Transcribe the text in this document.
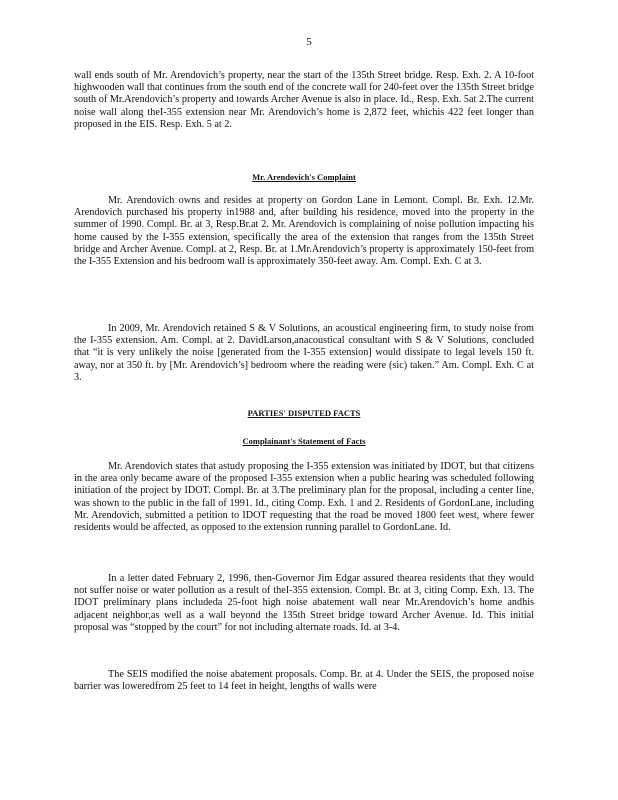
5

wall ends south of Mr. Arendovich’s property, near the start of the 135th Street bridge. Resp. Exh. 2. A 10-foot highwooden wall that continues from the south end of the concrete wall for 240-feet over the 135th Street bridge south of Mr.Arendovich’s property and towards Archer Avenue is also in place. Id., Resp. Exh. 5at 2.The current noise wall along theI-355 extension near Mr. Arendovich’s home is 2,872 feet, whichis 422 feet longer than proposed in the EIS. Resp. Exh. 5 at 2.

Mr. Arendovich's Complaint

Mr. Arendovich owns and resides at property on Gordon Lane in Lemont. Compl. Br. Exh. 12.Mr. Arendovich purchased his property in1988 and, after building his residence, moved into the property in the summer of 1990. Compl. Br. at 3, Resp.Br.at 2. Mr. Arendovich is complaining of noise pollution impacting his home caused by the I-355 extension, specifically the area of the extension that ranges from the 135th Street bridge and Archer Avenue. Compl. at 2, Resp. Br. at 1.Mr.Arendovich’s property is approximately 150-feet from the I-355 Extension and his bedroom wall is approximately 350-feet away. Am. Compl. Exh. C at 3.

In 2009, Mr. Arendovich retained S & V Solutions, an acoustical engineering firm, to study noise from the I-355 extension. Am. Compl. at 2. DavidLarson,anacoustical consultant with S & V Solutions, concluded that “it is very unlikely the noise [generated from the I-355 extension] would dissipate to legal levels 150 ft. away, nor at 350 ft. by [Mr. Arendovich’s] bedroom where the reading were (sic) taken.” Am. Compl. Exh. C at 3.

PARTIES' DISPUTED FACTS
Complainant's Statement of Facts

Mr. Arendovich states that astudy proposing the I-355 extension was initiated by IDOT, but that citizens in the area only became aware of the proposed I-355 extension when a public hearing was scheduled following initiation of the project by IDOT. Compl. Br. at 3.The preliminary plan for the proposal, including a center line, was shown to the public in the fall of 1991. Id., citing Comp. Exh. 1 and 2. Residents of GordonLane, including Mr. Arendovich, submitted a petition to IDOT requesting that the road be moved 1800 feet west, where fewer residents would be affected, as opposed to the extension running parallel to GordonLane. Id.

In a letter dated February 2, 1996, then-Governor Jim Edgar assured thearea residents that they would not suffer noise or water pollution as a result of theI-355 extension. Compl. Br. at 3, citing Comp. Exh. 13. The IDOT preliminary plans includeda 25-foot high noise abatement wall near Mr.Arendovich’s home andhis adjacent neighbor,as well as a wall beyond the 135th Street bridge toward Archer Avenue. Id. This initial proposal was “stopped by the court” for not including alternate roads. Id. at 3-4.

The SEIS modified the noise abatement proposals. Comp. Br. at 4. Under the SEIS, the proposed noise barrier was loweredfrom 25 feet to 14 feet in height, lengths of walls were
